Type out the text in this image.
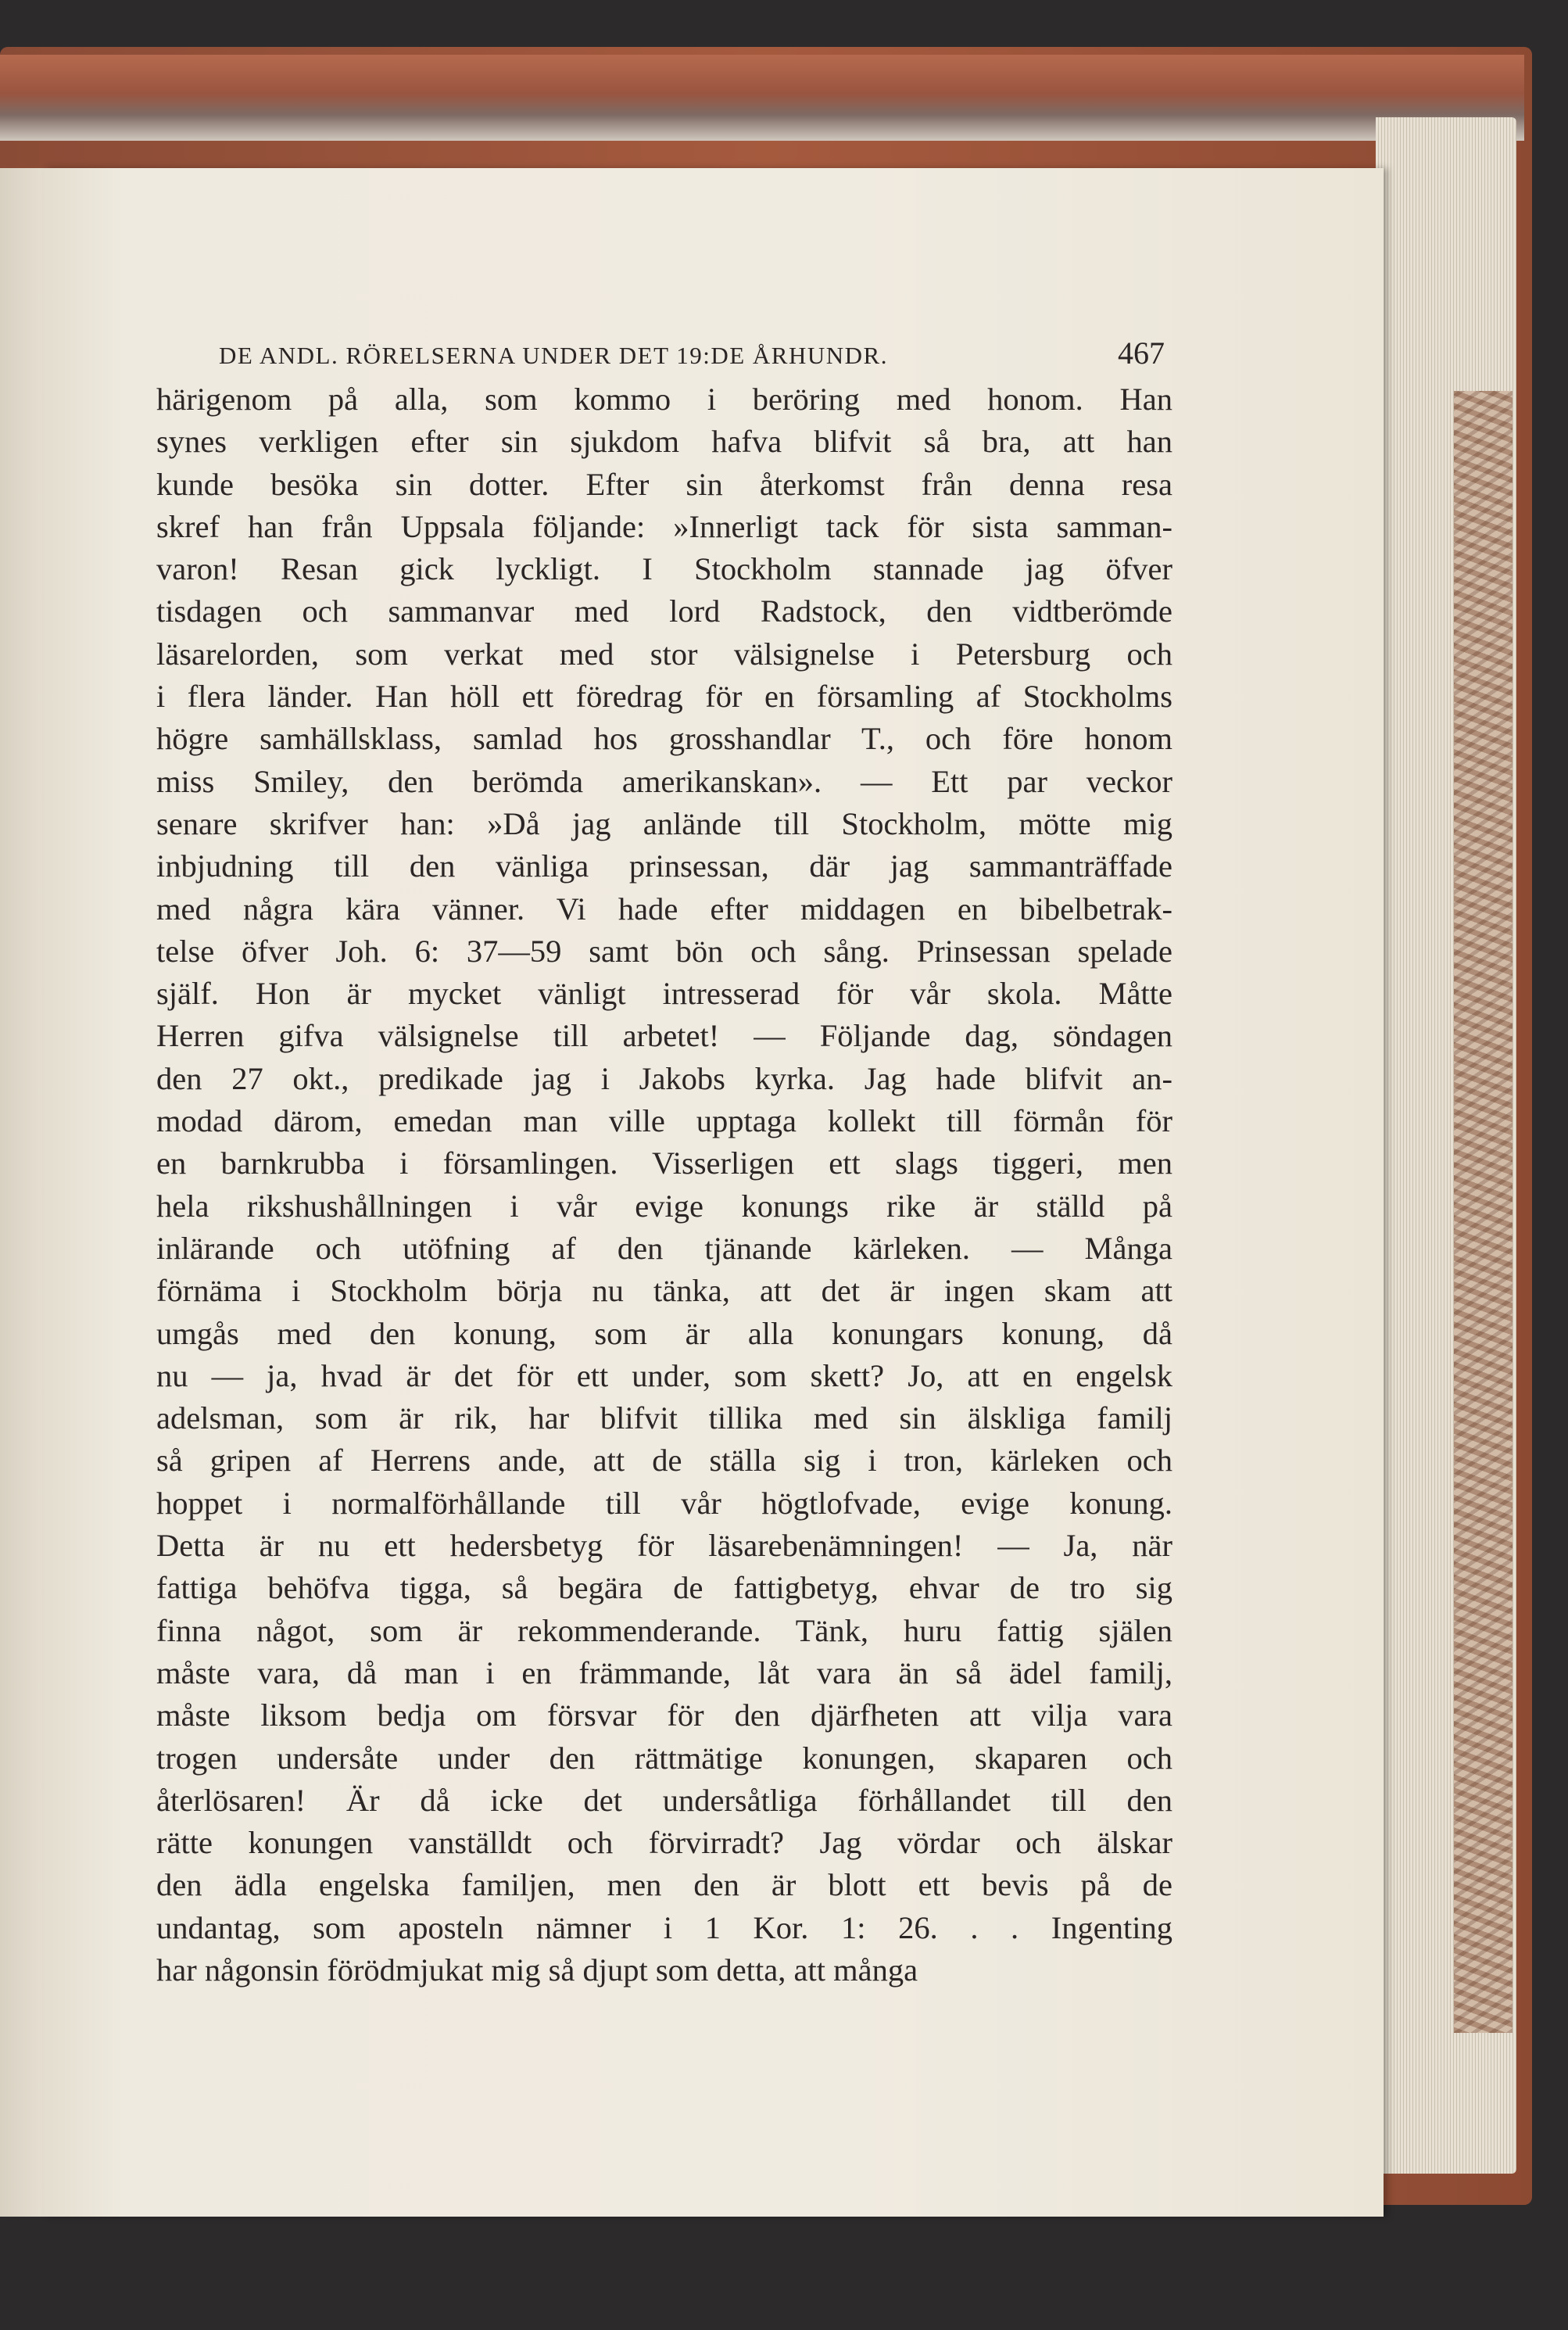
DE ANDL. RÖRELSERNA UNDER DET 19:DE ÅRHUNDR.	467
härigenom på alla, som kommo i beröring med honom. Han
synes verkligen efter sin sjukdom hafva blifvit så bra, att han
kunde besöka sin dotter. Efter sin återkomst från denna resa
skref han från Uppsala följande: »Innerligt tack för sista samman-
varon! Resan gick lyckligt. I Stockholm stannade jag öfver
tisdagen och sammanvar med lord Radstock, den vidtberömde
läsarelorden, som verkat med stor välsignelse i Petersburg och
i flera länder. Han höll ett föredrag för en församling af Stockholms
högre samhällsklass, samlad hos grosshandlar T., och före honom
miss Smiley, den berömda amerikanskan». — Ett par veckor
senare skrifver han: »Då jag anlände till Stockholm, mötte mig
inbjudning till den vänliga prinsessan, där jag sammanträffade
med några kära vänner. Vi hade efter middagen en bibelbetrak-
telse öfver Joh. 6: 37—59 samt bön och sång. Prinsessan spelade
själf. Hon är mycket vänligt intresserad för vår skola. Måtte
Herren gifva välsignelse till arbetet! — Följande dag, söndagen
den 27 okt., predikade jag i Jakobs kyrka. Jag hade blifvit an-
modad därom, emedan man ville upptaga kollekt till förmån för
en barnkrubba i församlingen. Visserligen ett slags tiggeri, men
hela rikshushållningen i vår evige konungs rike är ställd på
inlärande och utöfning af den tjänande kärleken. — Många
förnäma i Stockholm börja nu tänka, att det är ingen skam att
umgås med den konung, som är alla konungars konung, då
nu — ja, hvad är det för ett under, som skett? Jo, att en engelsk
adelsman, som är rik, har blifvit tillika med sin älskliga familj
så gripen af Herrens ande, att de ställa sig i tron, kärleken och
hoppet i normalförhållande till vår högtlofvade, evige konung.
Detta är nu ett hedersbetyg för läsarebenämningen! — Ja, när
fattiga behöfva tigga, så begära de fattigbetyg, ehvar de tro sig
finna något, som är rekommenderande. Tänk, huru fattig själen
måste vara, då man i en främmande, låt vara än så ädel familj,
måste liksom bedja om försvar för den djärfheten att vilja vara
trogen undersåte under den rättmätige konungen, skaparen och
återlösaren! Är då icke det undersåtliga förhållandet till den
rätte konungen vanställdt och förvirradt? Jag vördar och älskar
den ädla engelska familjen, men den är blott ett bevis på de
undantag, som aposteln nämner i 1 Kor. 1: 26. . . Ingenting
har någonsin förödmjukat mig så djupt som detta, att många
